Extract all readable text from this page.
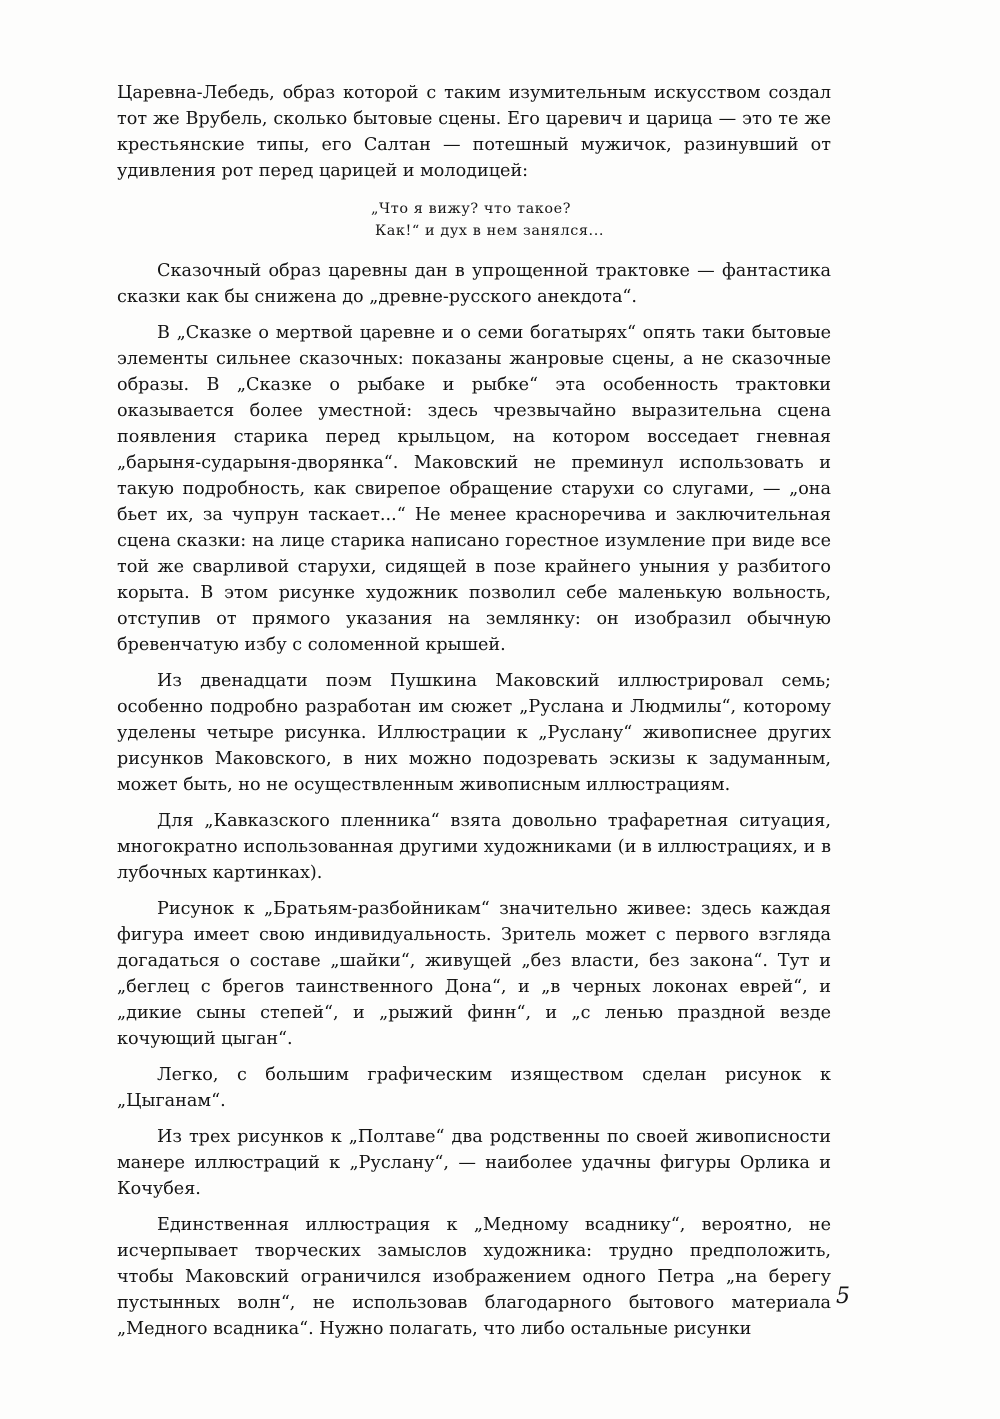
Царевна-Лебедь, образ которой с таким изумительным искусством создал тот же Врубель, сколько бытовые сцены. Его царевич и царица — это те же крестьянские типы, его Салтан — потешный мужичок, разинувший от удивления рот перед царицей и молодицей:

„Что я вижу? что такое?
Как!“ и дух в нем занялся...

Сказочный образ царевны дан в упрощенной трактовке — фантастика сказки как бы снижена до „древне-русского анекдота“.

В „Сказке о мертвой царевне и о семи богатырях“ опять таки бытовые элементы сильнее сказочных: показаны жанровые сцены, а не сказочные образы. В „Сказке о рыбаке и рыбке“ эта особенность трактовки оказывается более уместной: здесь чрезвычайно выразительна сцена появления старика перед крыльцом, на котором восседает гневная „барыня-сударыня-дворянка“. Маковский не преминул использовать и такую подробность, как свирепое обращение старухи со слугами, — „она бьет их, за чупрун таскает...“ Не менее красноречива и заключительная сцена сказки: на лице старика написано горестное изумление при виде все той же сварливой старухи, сидящей в позе крайнего уныния у разбитого корыта. В этом рисунке художник позволил себе маленькую вольность, отступив от прямого указания на землянку: он изобразил обычную бревенчатую избу с соломенной крышей.

Из двенадцати поэм Пушкина Маковский иллюстрировал семь; особенно подробно разработан им сюжет „Руслана и Людмилы“, которому уделены четыре рисунка. Иллюстрации к „Руслану“ живописнее других рисунков Маковского, в них можно подозревать эскизы к задуманным, может быть, но не осуществленным живописным иллюстрациям.

Для „Кавказского пленника“ взята довольно трафаретная ситуация, многократно использованная другими художниками (и в иллюстрациях, и в лубочных картинках).

Рисунок к „Братьям-разбойникам“ значительно живее: здесь каждая фигура имеет свою индивидуальность. Зритель может с первого взгляда догадаться о составе „шайки“, живущей „без власти, без закона“. Тут и „беглец с брегов таинственного Дона“, и „в черных локонах еврей“, и „дикие сыны степей“, и „рыжий финн“, и „с ленью праздной везде кочующий цыган“.

Легко, с большим графическим изяществом сделан рисунок к „Цыганам“.

Из трех рисунков к „Полтаве“ два родственны по своей живописности манере иллюстраций к „Руслану“, — наиболее удачны фигуры Орлика и Кочубея.

Единственная иллюстрация к „Медному всаднику“, вероятно, не исчерпывает творческих замыслов художника: трудно предположить, чтобы Маковский ограничился изображением одного Петра „на берегу пустынных волн“, не использовав благодарного бытового материала „Медного всадника“. Нужно полагать, что либо остальные рисунки

5
